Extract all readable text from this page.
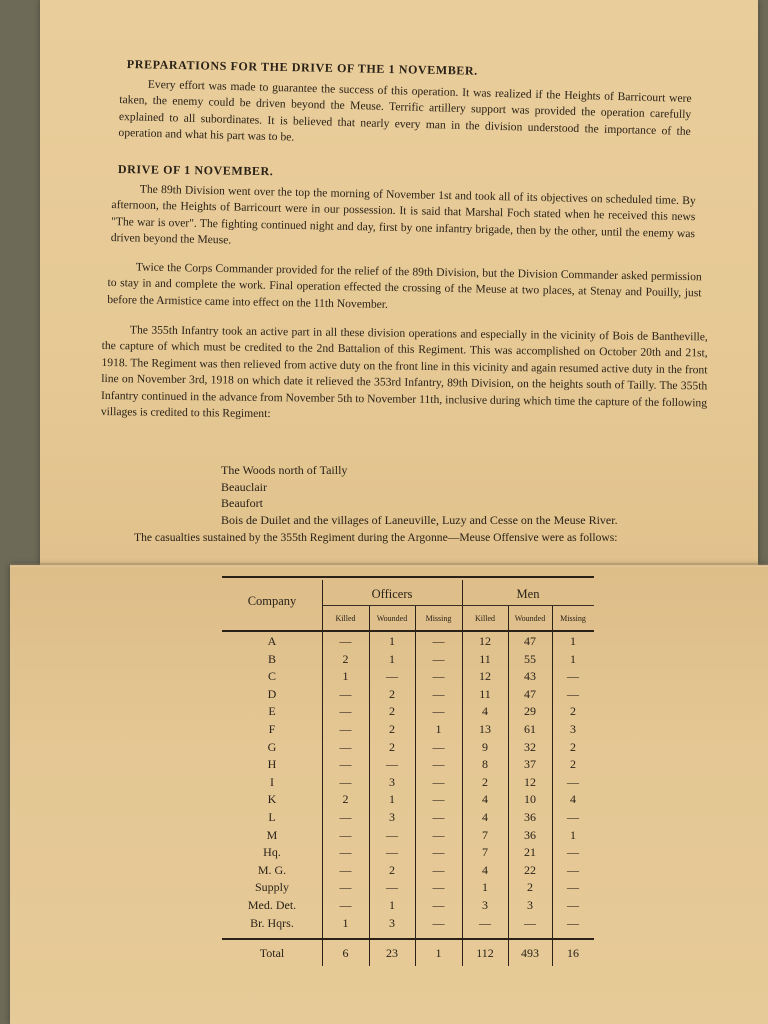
PREPARATIONS FOR THE DRIVE OF THE 1 NOVEMBER.

Every effort was made to guarantee the success of this operation. It was realized if the Heights of Barricourt were taken, the enemy could be driven beyond the Meuse. Terrific artillery support was provided the operation carefully explained to all subordinates. It is believed that nearly every man in the division understood the importance of the operation and what his part was to be.

DRIVE OF 1 NOVEMBER.

The 89th Division went over the top the morning of November 1st and took all of its objectives on scheduled time. By afternoon, the Heights of Barricourt were in our possession. It is said that Marshal Foch stated when he received this news "The war is over". The fighting continued night and day, first by one infantry brigade, then by the other, until the enemy was driven beyond the Meuse.

Twice the Corps Commander provided for the relief of the 89th Division, but the Division Commander asked permission to stay in and complete the work. Final operation effected the crossing of the Meuse at two places, at Stenay and Pouilly, just before the Armistice came into effect on the 11th November.

The 355th Infantry took an active part in all these division operations and especially in the vicinity of Bois de Bantheville, the capture of which must be credited to the 2nd Battalion of this Regiment. This was accomplished on October 20th and 21st, 1918. The Regiment was then relieved from active duty on the front line in this vicinity and again resumed active duty in the front line on November 3rd, 1918 on which date it relieved the 353rd Infantry, 89th Division, on the heights south of Tailly. The 355th Infantry continued in the advance from November 5th to November 11th, inclusive during which time the capture of the following villages is credited to this Regiment:

The Woods north of Tailly
Beauclair
Beaufort
Bois de Duilet and the villages of Laneuville, Luzy and Cesse on the Meuse River.

The casualties sustained by the 355th Regiment during the Argonne—Meuse Offensive were as follows:

Company	Officers	Men
Killed	Wounded	Missing	Killed	Wounded	Missing
A	—	1	—	12	47	1
B	2	1	—	11	55	1
C	1	—	—	12	43	—
D	—	2	—	11	47	—
E	—	2	—	4	29	2
F	—	2	1	13	61	3
G	—	2	—	9	32	2
H	—	—	—	8	37	2
I	—	3	—	2	12	—
K	2	1	—	4	10	4
L	—	3	—	4	36	—
M	—	—	—	7	36	1
Hq.	—	—	—	7	21	—
M. G.	—	2	—	4	22	—
Supply	—	—	—	1	2	—
Med. Det.	—	1	—	3	3	—
Br. Hqrs.	1	3	—	—	—	—
Total	6	23	1	112	493	16
